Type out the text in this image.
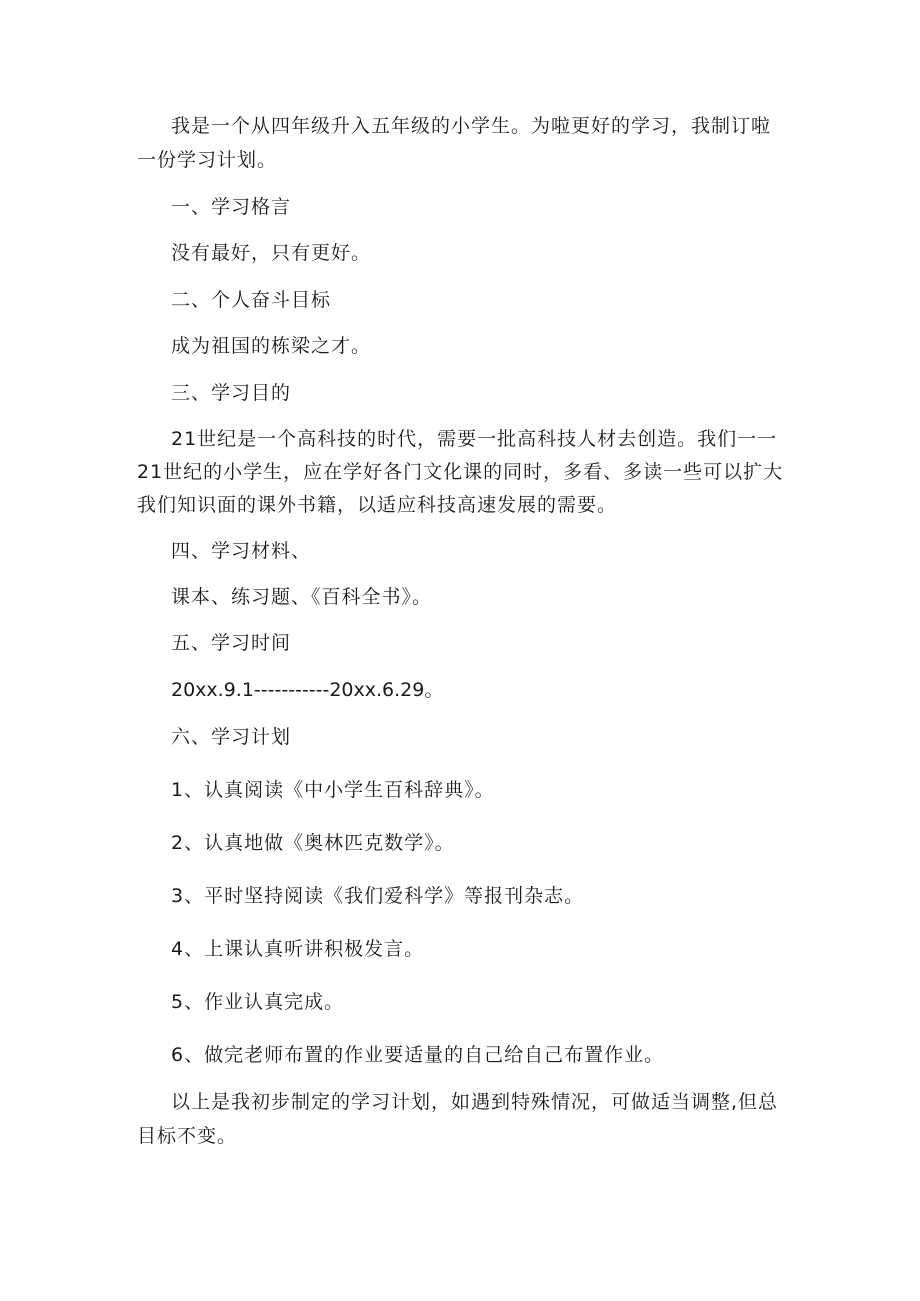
我是一个从四年级升入五年级的小学生。为啦更好的学习，我制订啦
一份学习计划。
一、学习格言
没有最好，只有更好。
二、个人奋斗目标
成为祖国的栋梁之才。
三、学习目的
21世纪是一个高科技的时代，需要一批高科技人材去创造。我们一一
21世纪的小学生，应在学好各门文化课的同时，多看、多读一些可以扩大
我们知识面的课外书籍，以适应科技高速发展的需要。
四、学习材料、
课本、练习题、《百科全书》。
五、学习时间
20xx.9.1-----------20xx.6.29。
六、学习计划
1、认真阅读《中小学生百科辞典》。
2、认真地做《奥林匹克数学》。
3、平时坚持阅读《我们爱科学》等报刊杂志。
4、上课认真听讲积极发言。
5、作业认真完成。
6、做完老师布置的作业要适量的自己给自己布置作业。
以上是我初步制定的学习计划，如遇到特殊情况，可做适当调整,但总
目标不变。
